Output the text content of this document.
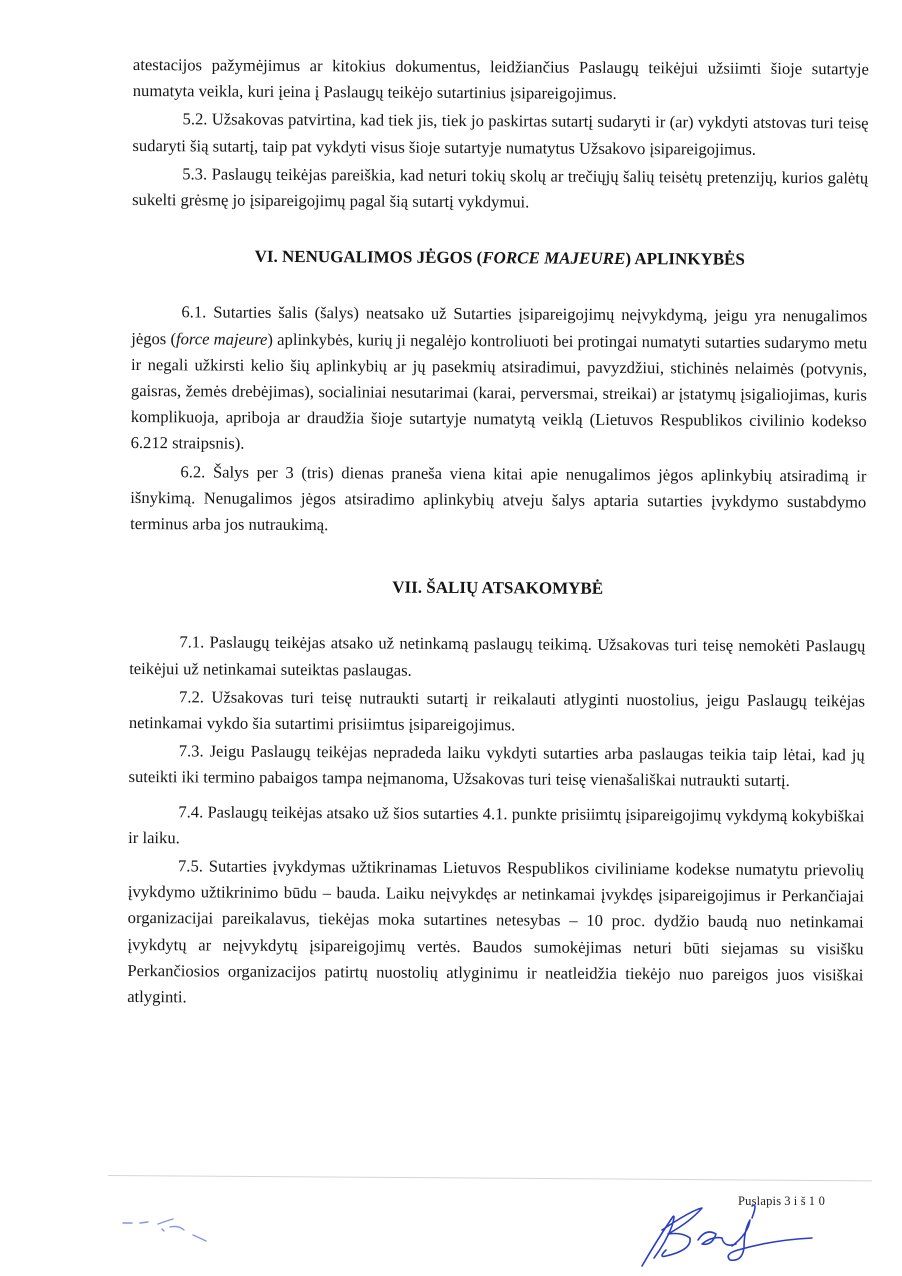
atestacijos pažymėjimus ar kitokius dokumentus, leidžiančius Paslaugų teikėjui užsiimti šioje sutartyje numatyta veikla, kuri įeina į Paslaugų teikėjo sutartinius įsipareigojimus.

5.2. Užsakovas patvirtina, kad tiek jis, tiek jo paskirtas sutartį sudaryti ir (ar) vykdyti atstovas turi teisę sudaryti šią sutartį, taip pat vykdyti visus šioje sutartyje numatytus Užsakovo įsipareigojimus.

5.3. Paslaugų teikėjas pareiškia, kad neturi tokių skolų ar trečiųjų šalių teisėtų pretenzijų, kurios galėtų sukelti grėsmę jo įsipareigojimų pagal šią sutartį vykdymui.

VI. NENUGALIMOS JĖGOS (FORCE MAJEURE) APLINKYBĖS

6.1. Sutarties šalis (šalys) neatsako už Sutarties įsipareigojimų neįvykdymą, jeigu yra nenugalimos jėgos (force majeure) aplinkybės, kurių ji negalėjo kontroliuoti bei protingai numatyti sutarties sudarymo metu ir negali užkirsti kelio šių aplinkybių ar jų pasekmių atsiradimui, pavyzdžiui, stichinės nelaimės (potvynis, gaisras, žemės drebėjimas), socialiniai nesutarimai (karai, perversmai, streikai) ar įstatymų įsigaliojimas, kuris komplikuoja, apriboja ar draudžia šioje sutartyje numatytą veiklą (Lietuvos Respublikos civilinio kodekso 6.212 straipsnis).

6.2. Šalys per 3 (tris) dienas praneša viena kitai apie nenugalimos jėgos aplinkybių atsiradimą ir išnykimą. Nenugalimos jėgos atsiradimo aplinkybių atveju šalys aptaria sutarties įvykdymo sustabdymo terminus arba jos nutraukimą.

VII. ŠALIŲ ATSAKOMYBĖ

7.1. Paslaugų teikėjas atsako už netinkamą paslaugų teikimą. Užsakovas turi teisę nemokėti Paslaugų teikėjui už netinkamai suteiktas paslaugas.

7.2. Užsakovas turi teisę nutraukti sutartį ir reikalauti atlyginti nuostolius, jeigu Paslaugų teikėjas netinkamai vykdo šia sutartimi prisiimtus įsipareigojimus.

7.3. Jeigu Paslaugų teikėjas nepradeda laiku vykdyti sutarties arba paslaugas teikia taip lėtai, kad jų suteikti iki termino pabaigos tampa neįmanoma, Užsakovas turi teisę vienašališkai nutraukti sutartį.

7.4. Paslaugų teikėjas atsako už šios sutarties 4.1. punkte prisiimtų įsipareigojimų vykdymą kokybiškai ir laiku.

7.5. Sutarties įvykdymas užtikrinamas Lietuvos Respublikos civiliniame kodekse numatytu prievolių įvykdymo užtikrinimo būdu – bauda. Laiku neįvykdęs ar netinkamai įvykdęs įsipareigojimus ir Perkančiajai organizacijai pareikalavus, tiekėjas moka sutartines netesybas – 10 proc. dydžio baudą nuo netinkamai įvykdytų ar neįvykdytų įsipareigojimų vertės. Baudos sumokėjimas neturi būti siejamas su visišku Perkančiosios organizacijos patirtų nuostolių atlyginimu ir neatleidžia tiekėjo nuo pareigos juos visiškai atlyginti.

Puslapis 3 i š 1 0
